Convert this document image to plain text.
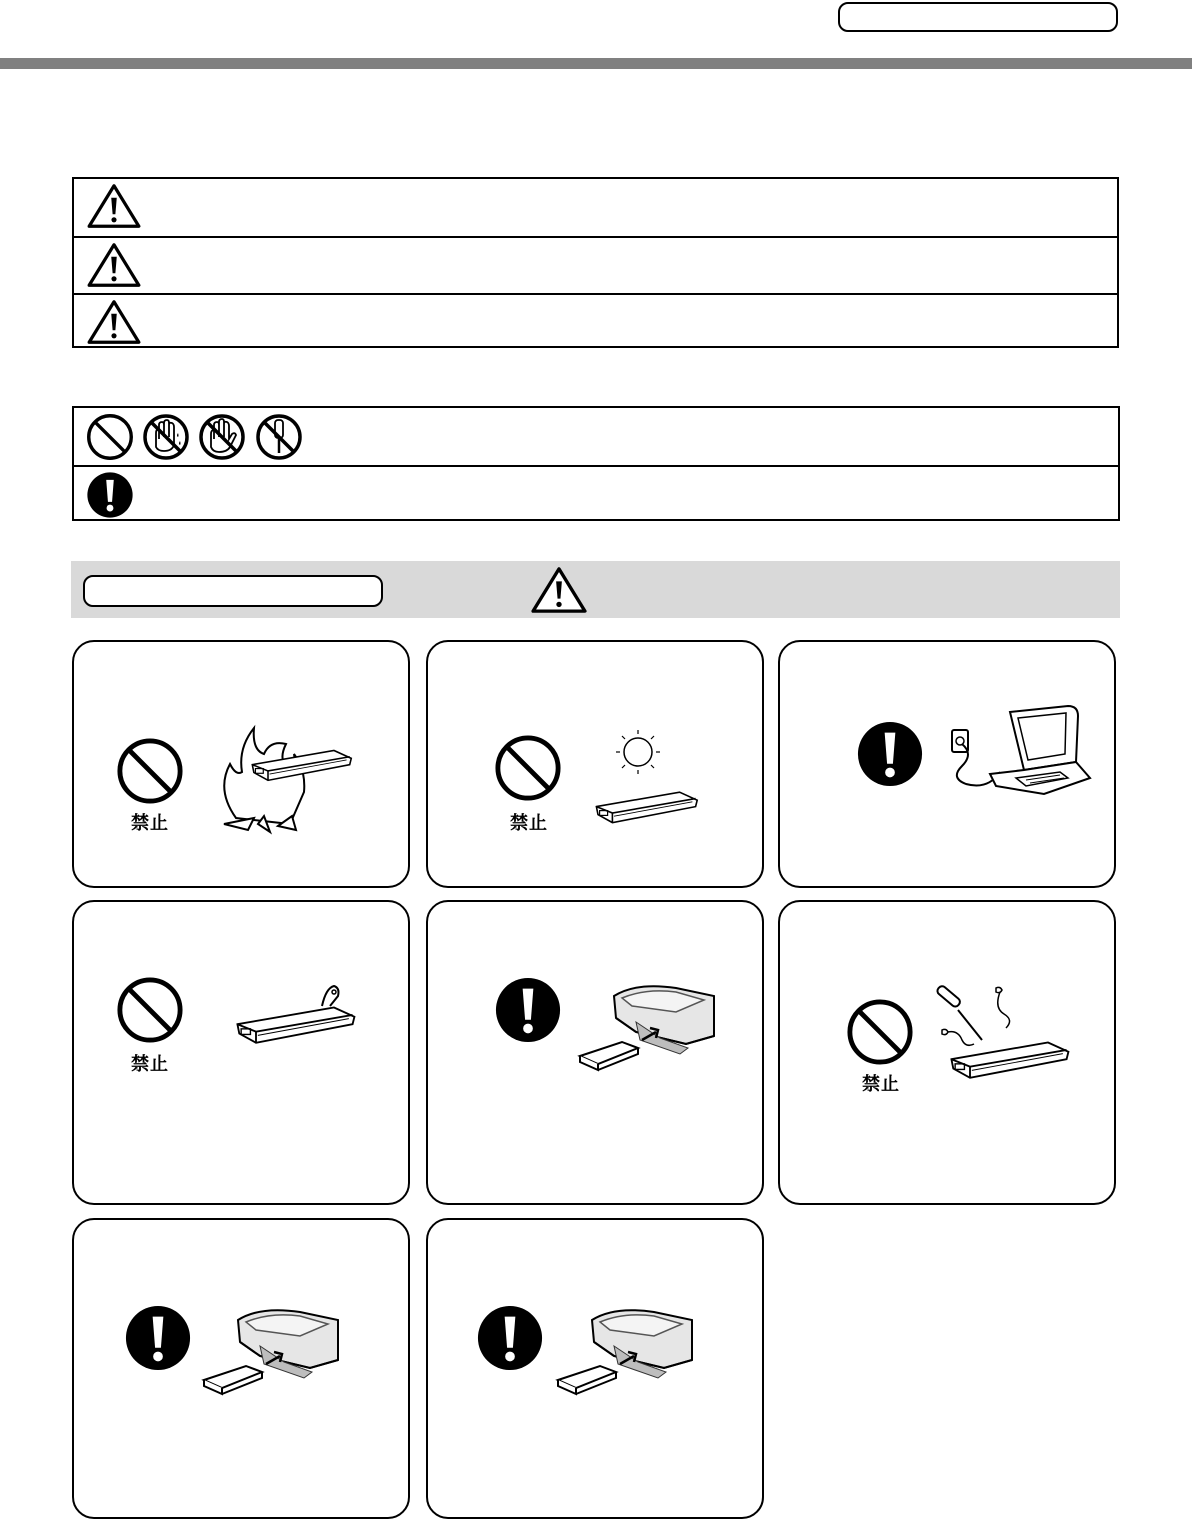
禁止	禁止
禁止
禁止
